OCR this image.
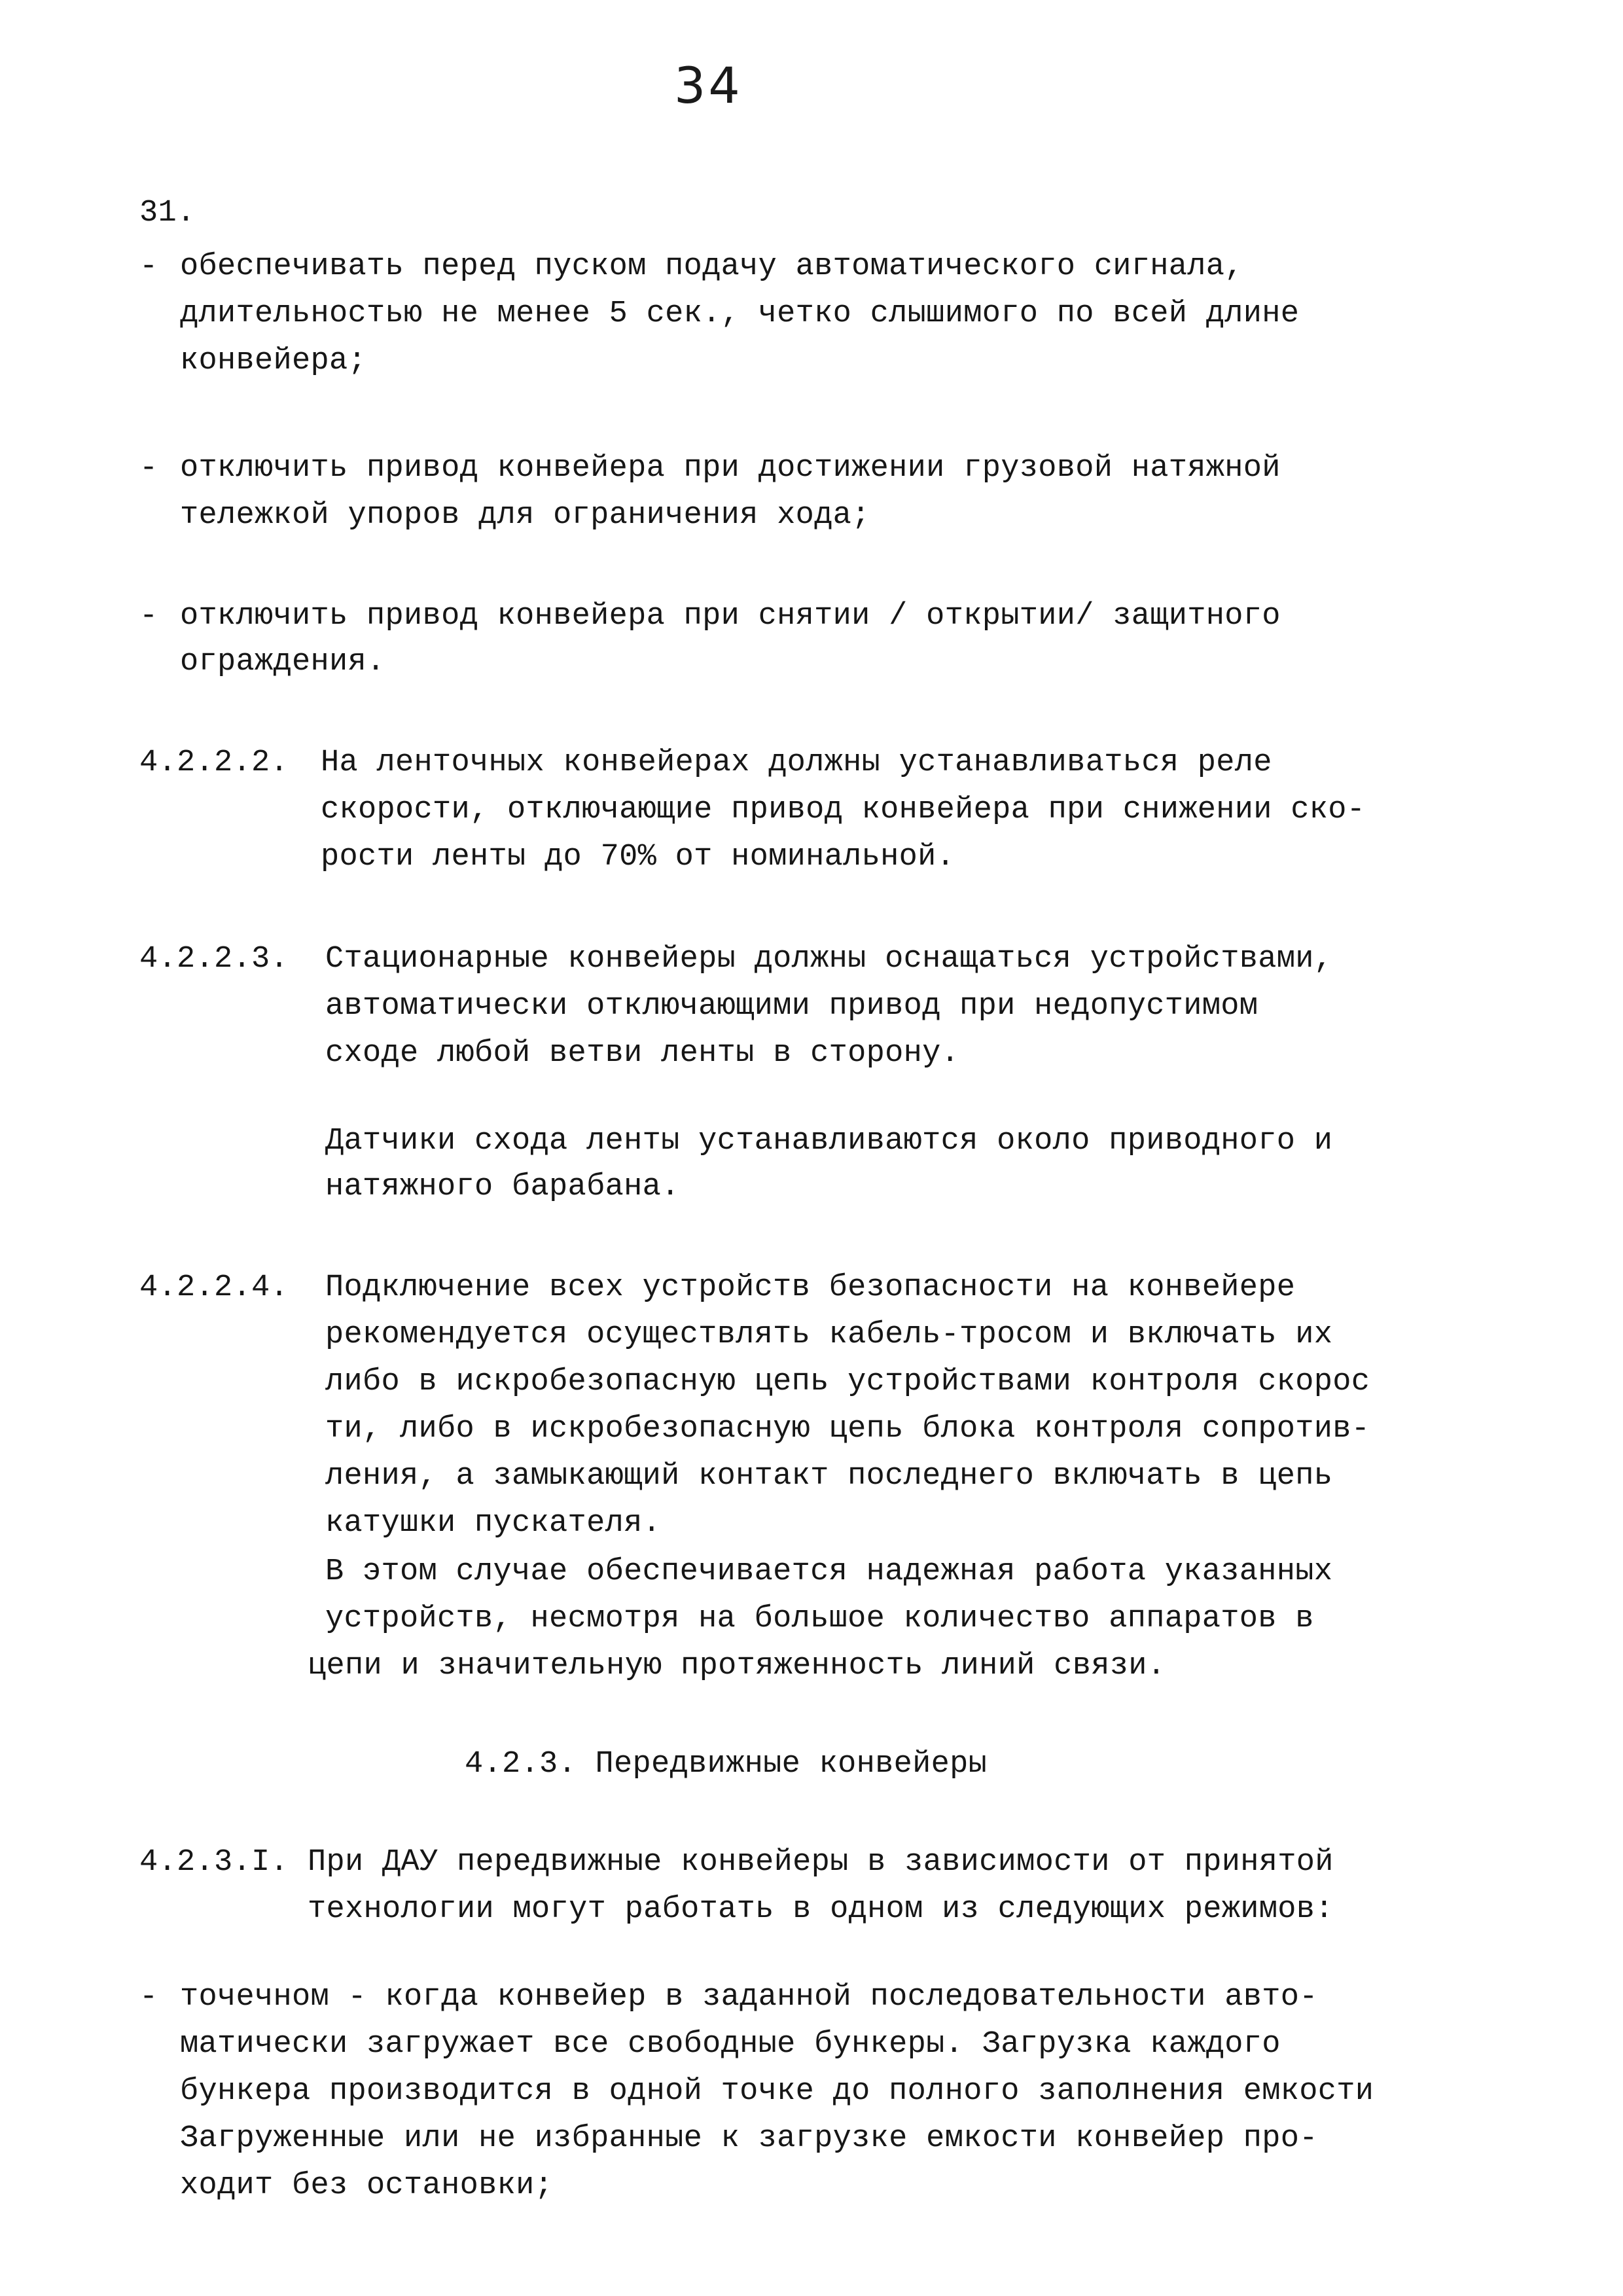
34
31.
- обеспечивать перед пуском подачу автоматического сигнала,
длительностью не менее 5 сек., четко слышимого по всей длине
конвейера;
- отключить привод конвейера при достижении грузовой натяжной
тележкой упоров для ограничения хода;
- отключить привод конвейера при снятии / открытии/ защитного
ограждения.
4.2.2.2. На ленточных конвейерах должны устанавливаться реле
скорости, отключающие привод конвейера при снижении ско-
рости ленты до 70% от номинальной.
4.2.2.3. Стационарные конвейеры должны оснащаться устройствами,
автоматически отключающими привод при недопустимом
сходе любой ветви ленты в сторону.
Датчики схода ленты устанавливаются около приводного и
натяжного барабана.
4.2.2.4. Подключение всех устройств безопасности на конвейере
рекомендуется осуществлять кабель-тросом и включать их
либо в искробезопасную цепь устройствами контроля скорос
ти, либо в искробезопасную цепь блока контроля сопротив-
ления, а замыкающий контакт последнего включать в цепь
катушки пускателя.
В этом случае обеспечивается надежная работа указанных
устройств, несмотря на большое количество аппаратов в
цепи и значительную протяженность линий связи.
4.2.3. Передвижные конвейеры
4.2.3.I. При ДАУ передвижные конвейеры в зависимости от принятой
технологии могут работать в одном из следующих режимов:
- точечном - когда конвейер в заданной последовательности авто-
матически загружает все свободные бункеры. Загрузка каждого
бункера производится в одной точке до полного заполнения емкости
Загруженные или не избранные к загрузке емкости конвейер про-
ходит без остановки;
